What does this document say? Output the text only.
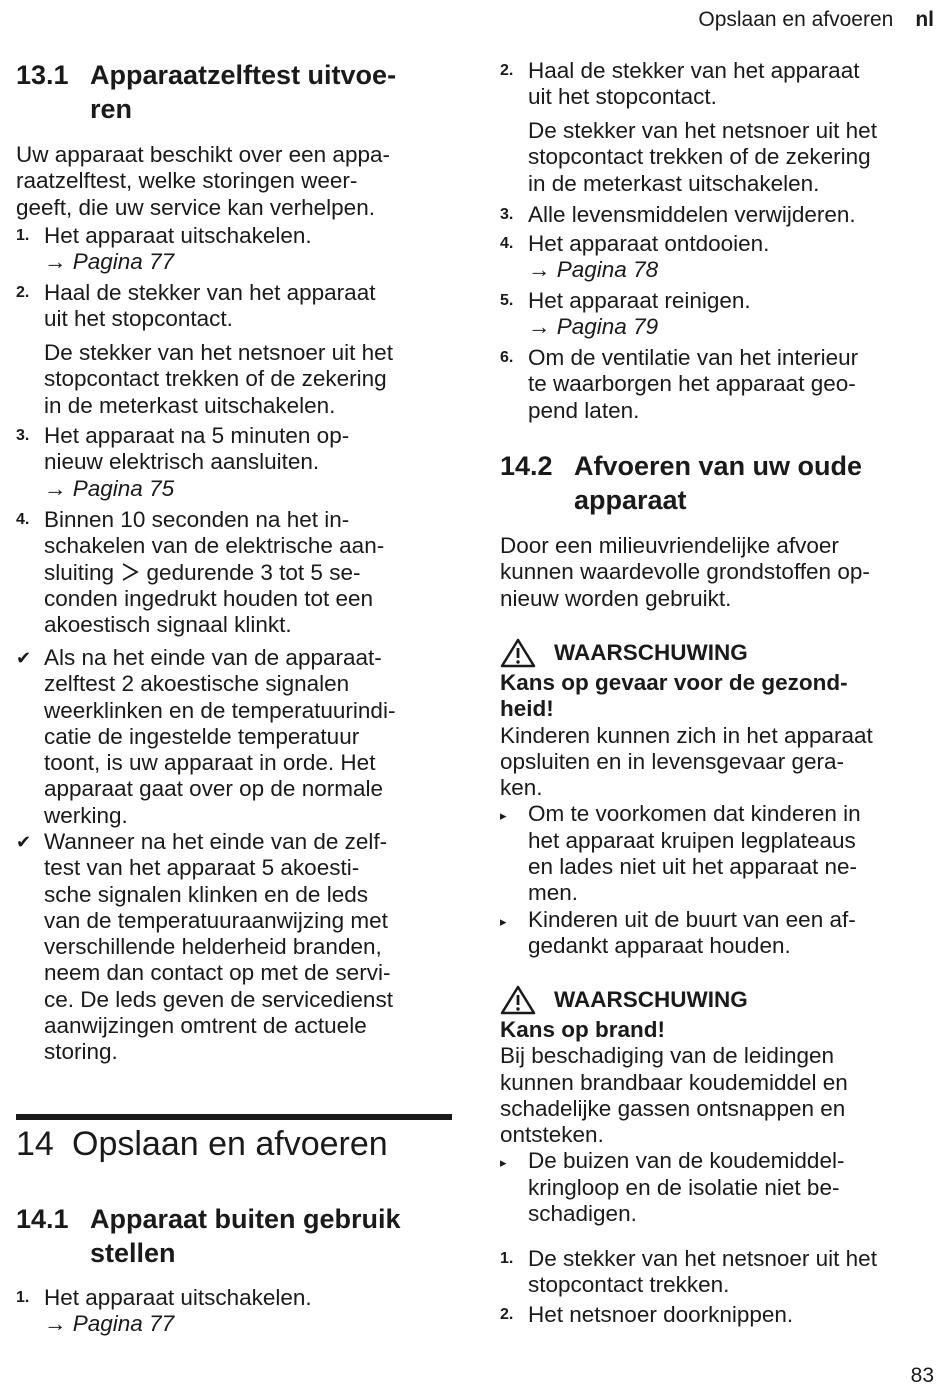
Opslaan en afvoeren nl
13.1 Apparaatzelftest uitvoe-
ren

Uw apparaat beschikt over een appa-
raatzelftest, welke storingen weer-
geeft, die uw service kan verhelpen.

1. Het apparaat uitschakelen.
→ Pagina 77
2. Haal de stekker van het apparaat
uit het stopcontact.

De stekker van het netsnoer uit het
stopcontact trekken of de zekering
in de meterkast uitschakelen.

3. Het apparaat na 5 minuten op-
nieuw elektrisch aansluiten.
→ Pagina 75
4. Binnen 10 seconden na het in-
schakelen van de elektrische aan-
sluiting  gedurende 3 tot 5 se-
conden ingedrukt houden tot een
akoestisch signaal klinkt.
✔ Als na het einde van de apparaat-
zelftest 2 akoestische signalen
weerklinken en de temperatuurindi-
catie de ingestelde temperatuur
toont, is uw apparaat in orde. Het
apparaat gaat over op de normale
werking.
✔ Wanneer na het einde van de zelf-
test van het apparaat 5 akoesti-
sche signalen klinken en de leds
van de temperatuuraanwijzing met
verschillende helderheid branden,
neem dan contact op met de servi-
ce. De leds geven de servicedienst
aanwijzingen omtrent de actuele
storing.
14 Opslaan en afvoeren
14.1 Apparaat buiten gebruik
stellen
1. Het apparaat uitschakelen.
→ Pagina 77
2. Haal de stekker van het apparaat
uit het stopcontact.

De stekker van het netsnoer uit het
stopcontact trekken of de zekering
in de meterkast uitschakelen.

3. Alle levensmiddelen verwijderen.
4. Het apparaat ontdooien.
→ Pagina 78
5. Het apparaat reinigen.
→ Pagina 79
6. Om de ventilatie van het interieur
te waarborgen het apparaat geo-
pend laten.
14.2 Afvoeren van uw oude
apparaat

Door een milieuvriendelijke afvoer
kunnen waardevolle grondstoffen op-
nieuw worden gebruikt.

WAARSCHUWING

Kans op gevaar voor de gezond-
heid!

Kinderen kunnen zich in het apparaat
opsluiten en in levensgevaar gera-
ken.

▸ Om te voorkomen dat kinderen in
het apparaat kruipen legplateaus
en lades niet uit het apparaat ne-
men.
▸ Kinderen uit de buurt van een af-
gedankt apparaat houden.
WAARSCHUWING

Kans op brand!

Bij beschadiging van de leidingen
kunnen brandbaar koudemiddel en
schadelijke gassen ontsnappen en
ontsteken.

▸ De buizen van de koudemiddel-
kringloop en de isolatie niet be-
schadigen.
1. De stekker van het netsnoer uit het
stopcontact trekken.
2. Het netsnoer doorknippen.
83
